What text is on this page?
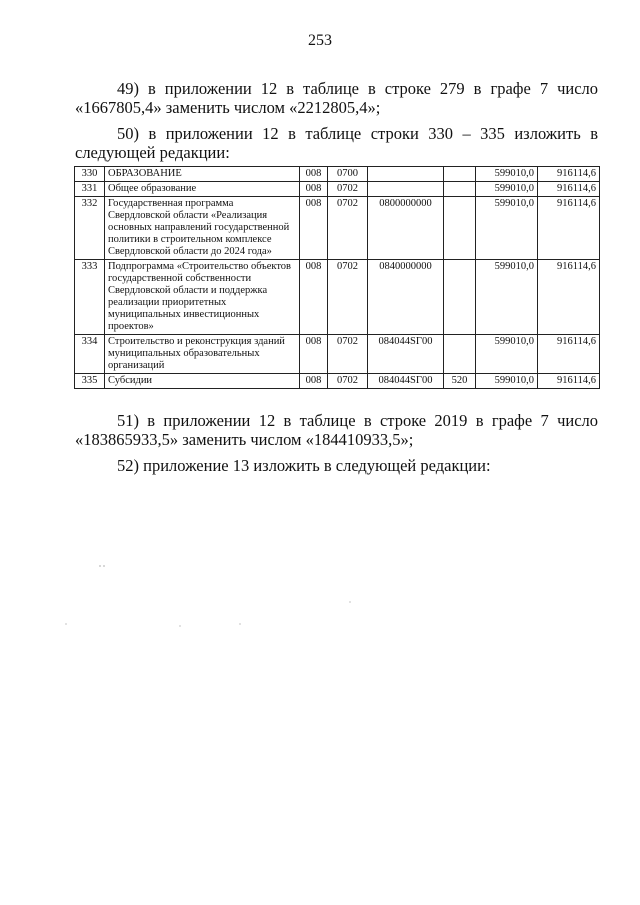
253
49) в приложении 12 в таблице в строке 279 в графе 7 число «1667805,4» заменить числом «2212805,4»;
50) в приложении 12 в таблице строки 330 – 335 изложить в следующей редакции:
330	ОБРАЗОВАНИЕ	008	0700			599010,0	916114,6
331	Общее образование	008	0702			599010,0	916114,6
332	Государственная программа Свердловской области «Реализация основных направлений государственной политики в строительном комплексе Свердловской области до 2024 года»	008	0702	0800000000		599010,0	916114,6
333	Подпрограмма «Строительство объектов государственной собственности Свердловской области и поддержка реализации приоритетных муниципальных инвестиционных проектов»	008	0702	0840000000		599010,0	916114,6
334	Строительство и реконструкция зданий муниципальных образовательных организаций	008	0702	084044ЅГ00		599010,0	916114,6
335	Субсидии	008	0702	084044ЅГ00	520	599010,0	916114,6
51) в приложении 12 в таблице в строке 2019 в графе 7 число «183865933,5» заменить числом «184410933,5»;
52) приложение 13 изложить в следующей редакции:
